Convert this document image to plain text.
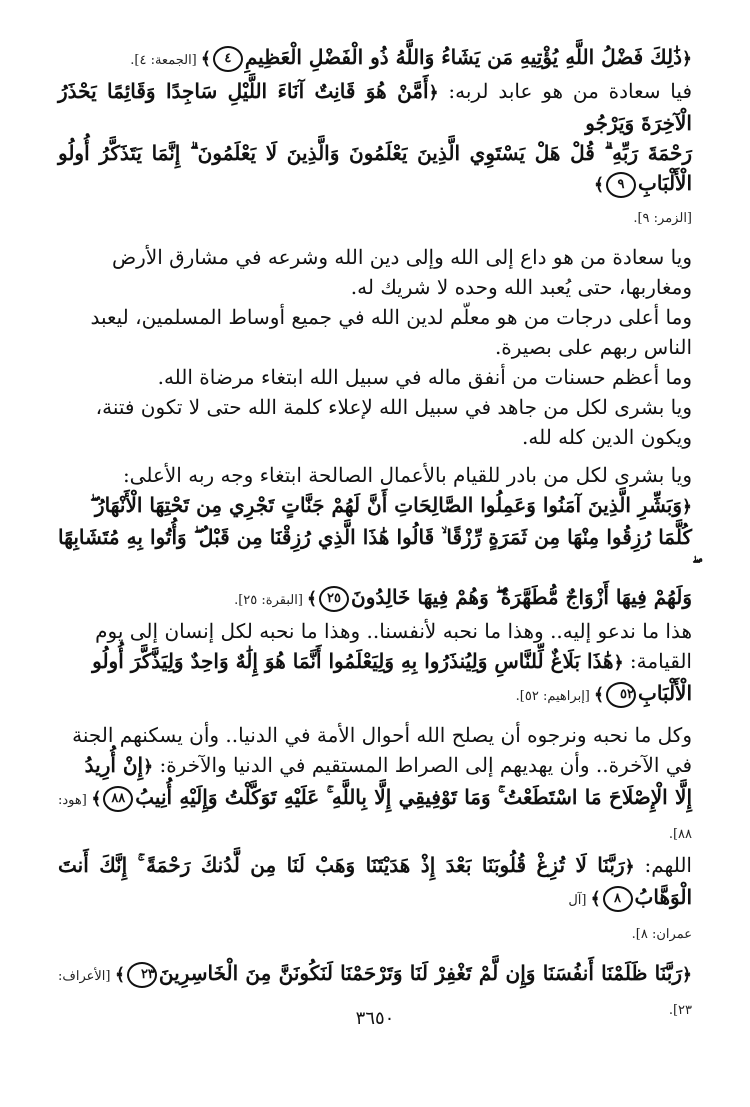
﴿ذَٰلِكَ فَضْلُ اللَّهِ يُؤْتِيهِ مَن يَشَاءُ وَاللَّهُ ذُو الْفَضْلِ الْعَظِيمِ٤﴾ [الجمعة: ٤].
فيا سعادة من هو عابد لربه: ﴿أَمَّنْ هُوَ قَانِتٌ آنَاءَ اللَّيْلِ سَاجِدًا وَقَائِمًا يَحْذَرُ الْآخِرَةَ وَيَرْجُو
رَحْمَةَ رَبِّهِ ۗ قُلْ هَلْ يَسْتَوِي الَّذِينَ يَعْلَمُونَ وَالَّذِينَ لَا يَعْلَمُونَ ۗ إِنَّمَا يَتَذَكَّرُ أُولُو الْأَلْبَابِ٩﴾
[الزمر: ٩].
ويا سعادة من هو داع إلى الله وإلى دين الله وشرعه في مشارق الأرض
ومغاربها، حتى يُعبد الله وحده لا شريك له.
وما أعلى درجات من هو معلّم لدين الله في جميع أوساط المسلمين، ليعبد
الناس ربهم على بصيرة.
وما أعظم حسنات من أنفق ماله في سبيل الله ابتغاء مرضاة الله.
ويا بشرى لكل من جاهد في سبيل الله لإعلاء كلمة الله حتى لا تكون فتنة،
ويكون الدين كله لله.
ويا بشرى لكل من بادر للقيام بالأعمال الصالحة ابتغاء وجه ربه الأعلى:
﴿وَبَشِّرِ الَّذِينَ آمَنُوا وَعَمِلُوا الصَّالِحَاتِ أَنَّ لَهُمْ جَنَّاتٍ تَجْرِي مِن تَحْتِهَا الْأَنْهَارُ ۖ
كُلَّمَا رُزِقُوا مِنْهَا مِن ثَمَرَةٍ رِّزْقًا ۙ قَالُوا هَٰذَا الَّذِي رُزِقْنَا مِن قَبْلُ ۖ وَأُتُوا بِهِ مُتَشَابِهًا
وَلَهُمْ فِيهَا أَزْوَاجٌ مُّطَهَّرَةٌ ۖ وَهُمْ فِيهَا خَالِدُونَ٢٥﴾ [البقرة: ٢٥].
هذا ما ندعو إليه.. وهذا ما نحبه لأنفسنا.. وهذا ما نحبه لكل إنسان إلى يوم
القيامة: ﴿هَٰذَا بَلَاغٌ لِّلنَّاسِ وَلِيُنذَرُوا بِهِ وَلِيَعْلَمُوا أَنَّمَا هُوَ إِلَٰهٌ وَاحِدٌ وَلِيَذَّكَّرَ أُولُو
الْأَلْبَابِ٥٢﴾ [إبراهيم: ٥٢].
وكل ما نحبه ونرجوه أن يصلح الله أحوال الأمة في الدنيا.. وأن يسكنهم الجنة
في الآخرة.. وأن يهديهم إلى الصراط المستقيم في الدنيا والآخرة: ﴿إِنْ أُرِيدُ
إِلَّا الْإِصْلَاحَ مَا اسْتَطَعْتُ ۚ وَمَا تَوْفِيقِي إِلَّا بِاللَّهِ ۚ عَلَيْهِ تَوَكَّلْتُ وَإِلَيْهِ أُنِيبُ٨٨﴾ [هود: ٨٨].
اللهم: ﴿رَبَّنَا لَا تُزِغْ قُلُوبَنَا بَعْدَ إِذْ هَدَيْتَنَا وَهَبْ لَنَا مِن لَّدُنكَ رَحْمَةً ۚ إِنَّكَ أَنتَ الْوَهَّابُ٨﴾ [آل
عمران: ٨].
﴿رَبَّنَا ظَلَمْنَا أَنفُسَنَا وَإِن لَّمْ تَغْفِرْ لَنَا وَتَرْحَمْنَا لَنَكُونَنَّ مِنَ الْخَاسِرِينَ٢٣﴾ [الأعراف: ٢٣].
٣٦٥٠
